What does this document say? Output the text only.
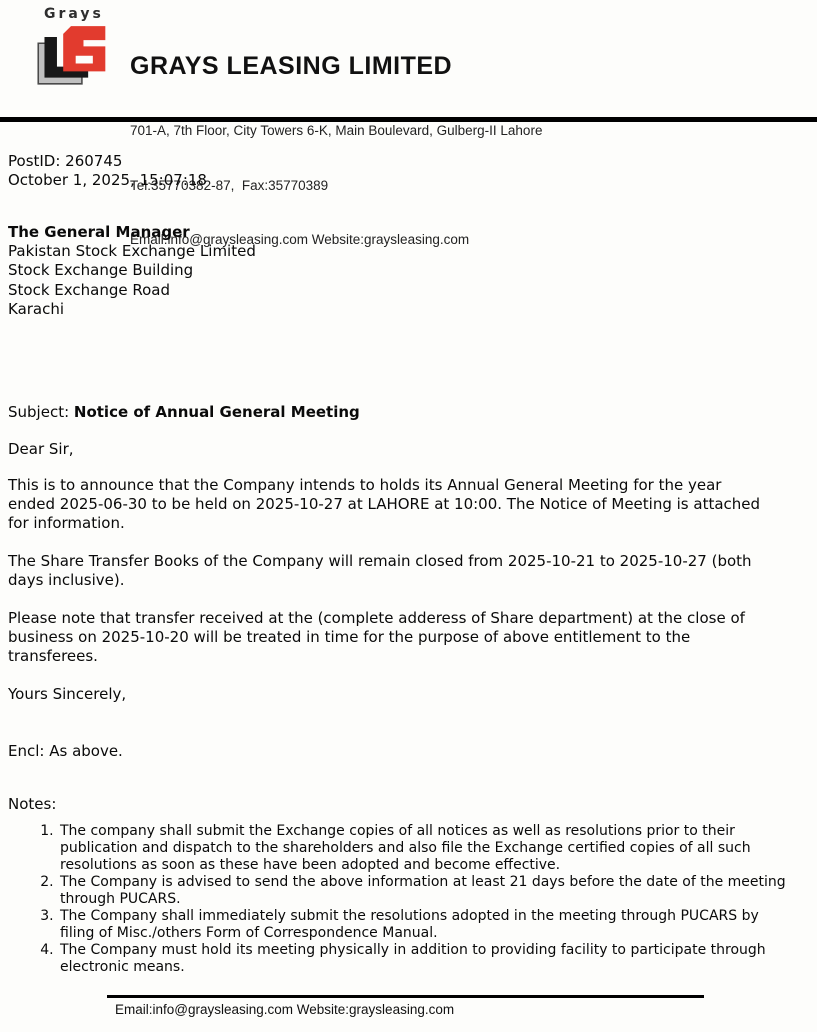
Grays

GRAYS LEASING LIMITED

701-A, 7th Floor, City Towers 6-K, Main Boulevard, Gulberg-II Lahore

Tel:35770382-87,  Fax:35770389

Email:info@graysleasing.com Website:graysleasing.com

PostID: 260745
October 1, 2025, 15:07:18
The General Manager
Pakistan Stock Exchange Limited
Stock Exchange Building
Stock Exchange Road
Karachi
Subject: Notice of Annual General Meeting
Dear Sir,

This is to announce that the Company intends to holds its Annual General Meeting for the year ended 2025-06-30 to be held on 2025-10-27 at LAHORE at 10:00. The Notice of Meeting is attached for information.

The Share Transfer Books of the Company will remain closed from 2025-10-21 to 2025-10-27 (both days inclusive).

Please note that transfer received at the (complete adderess of Share department) at the close of business on 2025-10-20 will be treated in time for the purpose of above entitlement to the transferees.

Yours Sincerely,
Encl: As above.
Notes:
1. The company shall submit the Exchange copies of all notices as well as resolutions prior to their publication and dispatch to the shareholders and also file the Exchange certified copies of all such resolutions as soon as these have been adopted and become effective.
2. The Company is advised to send the above information at least 21 days before the date of the meeting through PUCARS.
3. The Company shall immediately submit the resolutions adopted in the meeting through PUCARS by filing of Misc./others Form of Correspondence Manual.
4. The Company must hold its meeting physically in addition to providing facility to participate through electronic means.
Email:info@graysleasing.com Website:graysleasing.com
